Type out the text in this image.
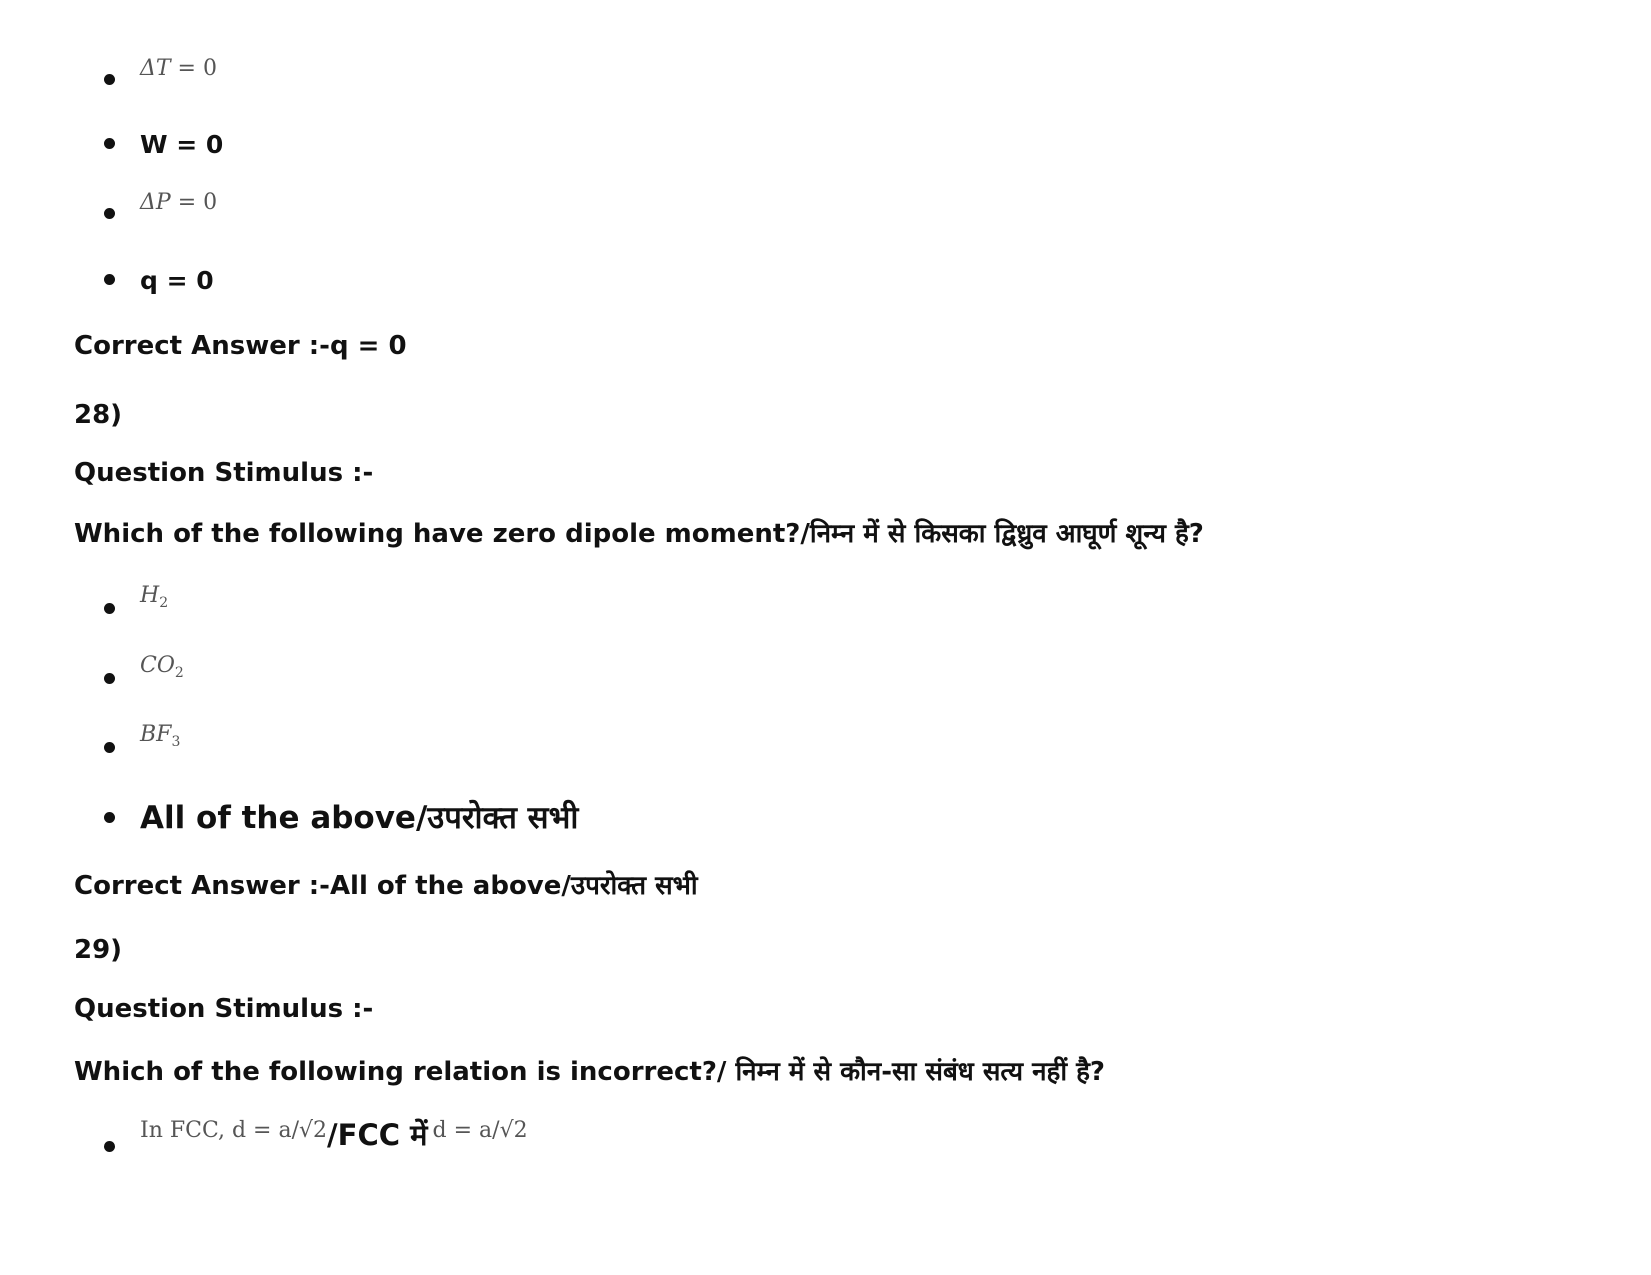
ΔT = 0
W = 0
ΔP = 0
q = 0
Correct Answer :-q = 0
28)
Question Stimulus :-
Which of the following have zero dipole moment?/निम्न में से किसका द्विध्रुव आघूर्ण शून्य है?
$H_2$
$CO_2$
$BF_3$
All of the above/उपरोक्त सभी
Correct Answer :-All of the above/उपरोक्त सभी
29)
Question Stimulus :-
Which of the following relation is incorrect?/ निम्न में से कौन-सा संबंध सत्य नहीं है?
In FCC, d = a/√2/FCC में d = a/√2
